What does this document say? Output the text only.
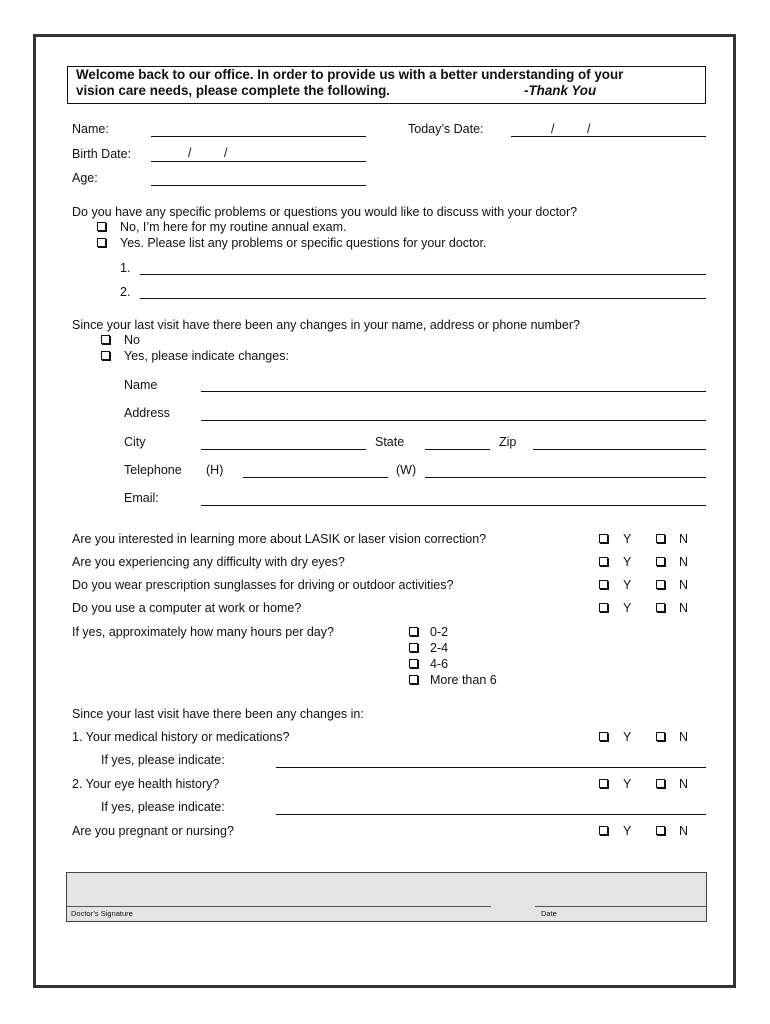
Welcome back to our office. In order to provide us with a better understanding of your
vision care needs, please complete the following.	-Thank You
Name:	Today’s Date:	/	/
Birth Date:	/	/
Age:
Do you have any specific problems or questions you would like to discuss with your doctor?
No, I’m here for my routine annual exam.
Yes. Please list any problems or specific questions for your doctor.
1.
2.
Since your last visit have there been any changes in your name, address or phone number?
No
Yes, please indicate changes:
Name
Address
City	State	Zip
Telephone (H)	(W)
Email:
Are you interested in learning more about LASIK or laser vision correction?	Y	N
Are you experiencing any difficulty with dry eyes?	Y	N
Do you wear prescription sunglasses for driving or outdoor activities?	Y	N
Do you use a computer at work or home?	Y	N
If yes, approximately how many hours per day?	0-2
2-4
4-6
More than 6
Since your last visit have there been any changes in:
1. Your medical history or medications?	Y	N
If yes, please indicate:
2. Your eye health history?	Y	N
If yes, please indicate:
Are you pregnant or nursing?	Y	N
Doctor’s Signature	Date
